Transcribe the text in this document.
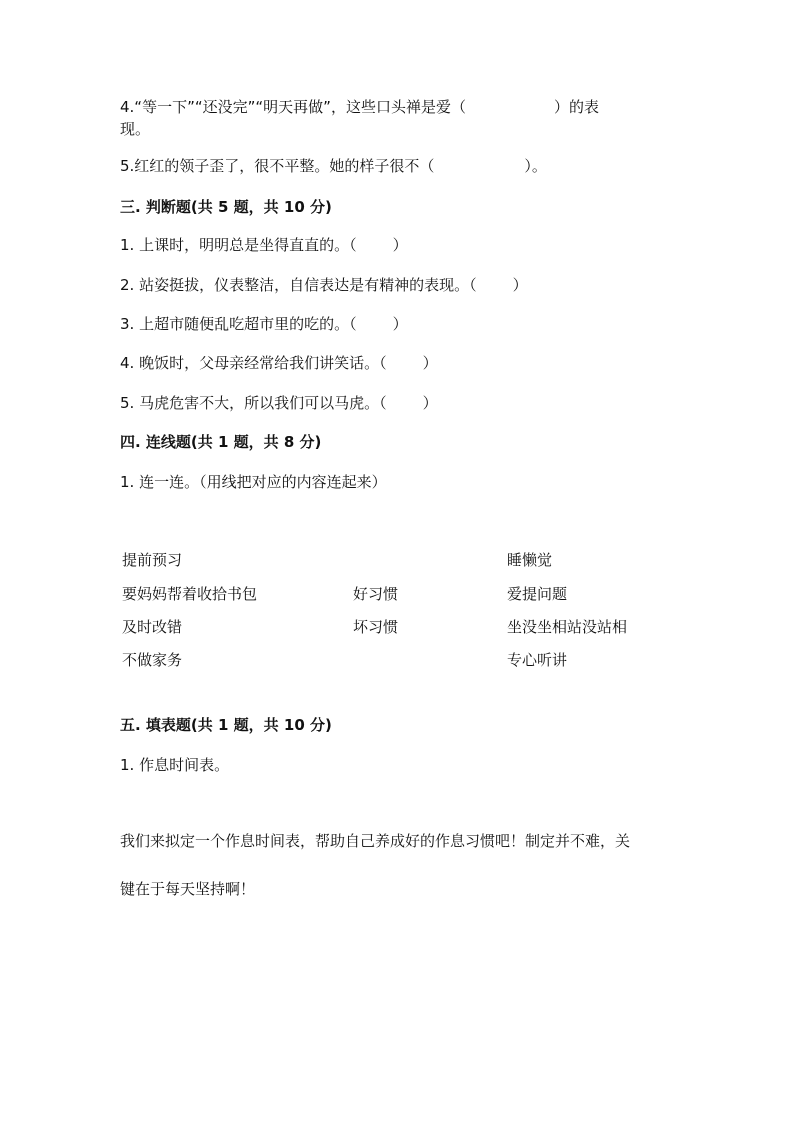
4.“等一下”“还没完”“明天再做”，这些口头禅是爱（	）的表
现。
5.红红的领子歪了，很不平整。她的样子很不（	）。
三. 判断题(共 5 题，共 10 分)
1. 上课时，明明总是坐得直直的。（ ）
2. 站姿挺拔，仪表整洁，自信表达是有精神的表现。（ ）
3. 上超市随便乱吃超市里的吃的。（ ）
4. 晚饭时，父母亲经常给我们讲笑话。（ ）
5. 马虎危害不大，所以我们可以马虎。（ ）
四. 连线题(共 1 题，共 8 分)
1. 连一连。（用线把对应的内容连起来）
提前预习
要妈妈帮着收拾书包
及时改错
不做家务
好习惯
坏习惯
睡懒觉
爱提问题
坐没坐相站没站相
专心听讲
五. 填表题(共 1 题，共 10 分)
1. 作息时间表。
我们来拟定一个作息时间表，帮助自己养成好的作息习惯吧！制定并不难，关
键在于每天坚持啊！
